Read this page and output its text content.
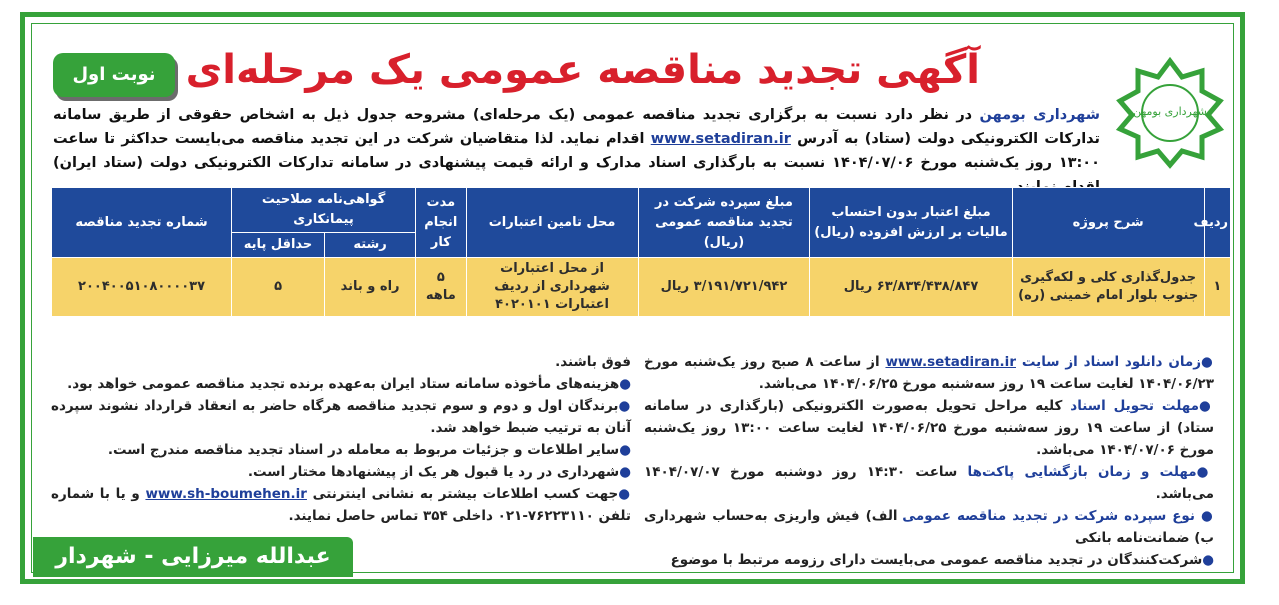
شهرداری بومهن
نوبت اول آگهی تجدید مناقصه عمومی یک مرحله‌ای
شهرداری بومهن در نظر دارد نسبت به برگزاری تجدید مناقصه عمومی (یک مرحله‌ای) مشروحه جدول ذیل به اشخاص حقوقی از طریق سامانه تدارکات الکترونیکی دولت (ستاد) به آدرس www.setadiran.ir اقدام نماید. لذا متقاضیان شرکت در این تجدید مناقصه می‌بایست حداکثر تا ساعت ۱۳:۰۰ روز یک‌شنبه مورخ ۱۴۰۴/۰۷/۰۶ نسبت به بارگذاری اسناد مدارک و ارائه قیمت پیشنهادی در سامانه تدارکات الکترونیکی دولت (ستاد ایران)
ردیف	شرح پروژه	مبلغ اعتبار بدون احتساب مالیات بر ارزش افزوده (ریال)	مبلغ سپرده شرکت در تجدید مناقصه عمومی (ریال)	محل تامین اعتبارات	مدت انجام کار	گواهی‌نامه صلاحیت پیمانکاری		شماره تجدید مناقصه
						رشته	حداقل پایه	
۱	جدول‌گذاری کلی و لکه‌گیری جنوب بلوار امام خمینی (ره)	۶۳/۸۳۴/۴۳۸/۸۴۷ ریال	۳/۱۹۱/۷۲۱/۹۴۲ ریال	از محل اعتبارات شهرداری از ردیف اعتبارات ۴۰۲۰۱۰۱	۵ ماهه	راه و باند	۵	۲۰۰۴۰۰۵۱۰۸۰۰۰۰۳۷

●زمان دانلود اسناد از سایت www.setadiran.ir از ساعت ۸ صبح روز یک‌شنبه مورخ ۱۴۰۴/۰۶/۲۳ لغایت ساعت ۱۹ روز سه‌شنبه مورخ ۱۴۰۴/۰۶/۲۵ می‌باشد.

●مهلت تحویل اسناد کلیه مراحل تحویل به‌صورت الکترونیکی (بارگذاری در سامانه ستاد) از ساعت ۱۹ روز سه‌شنبه مورخ ۱۴۰۴/۰۶/۲۵ لغایت ساعت ۱۳:۰۰ روز یک‌شنبه مورخ ۱۴۰۴/۰۷/۰۶ می‌باشد.

●مهلت و زمان بازگشایی پاکت‌ها ساعت ۱۴:۳۰ روز دوشنبه مورخ ۱۴۰۴/۰۷/۰۷ می‌باشد.

● نوع سپرده شرکت در تجدید مناقصه عمومی الف) فیش واریزی به‌حساب شهرداری ب) ضمانت‌نامه بانکی

●شرکت‌کنندگان در تجدید مناقصه عمومی می‌بایست دارای رزومه مرتبط با موضوع

فوق باشند.

●هزینه‌های مأخوذه سامانه ستاد ایران به‌عهده برنده تجدید مناقصه عمومی خواهد بود.

●برندگان اول و دوم و سوم تجدید مناقصه هرگاه حاضر به انعقاد قرارداد نشوند سپرده آنان به ترتیب ضبط خواهد شد.

●سایر اطلاعات و جزئیات مربوط به معامله در اسناد تجدید مناقصه مندرج است.

●شهرداری در رد یا قبول هر یک از پیشنهادها مختار است.

●جهت کسب اطلاعات بیشتر به نشانی اینترنتی www.sh-boumehen.ir و یا با شماره تلفن ۷۶۲۲۳۱۱۰-۰۲۱ داخلی ۳۵۴ تماس حاصل نمایند.

عبدالله میرزایی - شهردار
